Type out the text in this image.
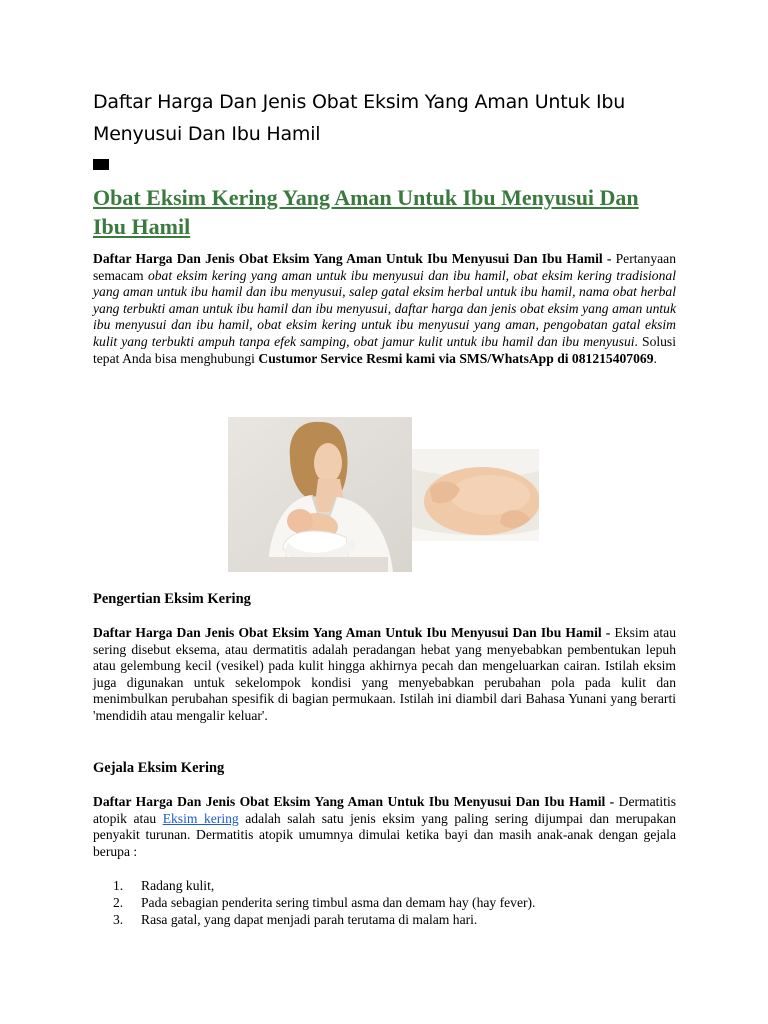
Daftar Harga Dan Jenis Obat Eksim Yang Aman Untuk Ibu
Menyusui Dan Ibu Hamil
Obat Eksim Kering Yang Aman Untuk Ibu Menyusui Dan
Ibu Hamil

Daftar Harga Dan Jenis Obat Eksim Yang Aman Untuk Ibu Menyusui Dan Ibu Hamil - Pertanyaan semacam obat eksim kering yang aman untuk ibu menyusui dan ibu hamil, obat eksim kering tradisional yang aman untuk ibu hamil dan ibu menyusui, salep gatal eksim herbal untuk ibu hamil, nama obat herbal yang terbukti aman untuk ibu hamil dan ibu menyusui, daftar harga dan jenis obat eksim yang aman untuk ibu menyusui dan ibu hamil, obat eksim kering untuk ibu menyusui yang aman, pengobatan gatal eksim kulit yang terbukti ampuh tanpa efek samping, obat jamur kulit untuk ibu hamil dan ibu menyusui. Solusi tepat Anda bisa menghubungi Custumor Service Resmi kami via SMS/WhatsApp di 081215407069.

Pengertian Eksim Kering

Daftar Harga Dan Jenis Obat Eksim Yang Aman Untuk Ibu Menyusui Dan Ibu Hamil - Eksim atau sering disebut eksema, atau dermatitis adalah peradangan hebat yang menyebabkan pembentukan lepuh atau gelembung kecil (vesikel) pada kulit hingga akhirnya pecah dan mengeluarkan cairan. Istilah eksim juga digunakan untuk sekelompok kondisi yang menyebabkan perubahan pola pada kulit dan menimbulkan perubahan spesifik di bagian permukaan. Istilah ini diambil dari Bahasa Yunani yang berarti 'mendidih atau mengalir keluar'.

Gejala Eksim Kering

Daftar Harga Dan Jenis Obat Eksim Yang Aman Untuk Ibu Menyusui Dan Ibu Hamil - Dermatitis atopik atau Eksim kering adalah salah satu jenis eksim yang paling sering dijumpai dan merupakan penyakit turunan. Dermatitis atopik umumnya dimulai ketika bayi dan masih anak-anak dengan gejala berupa :

1.	Radang kulit,
2.	Pada sebagian penderita sering timbul asma dan demam hay (hay fever).
3.	Rasa gatal, yang dapat menjadi parah terutama di malam hari.
